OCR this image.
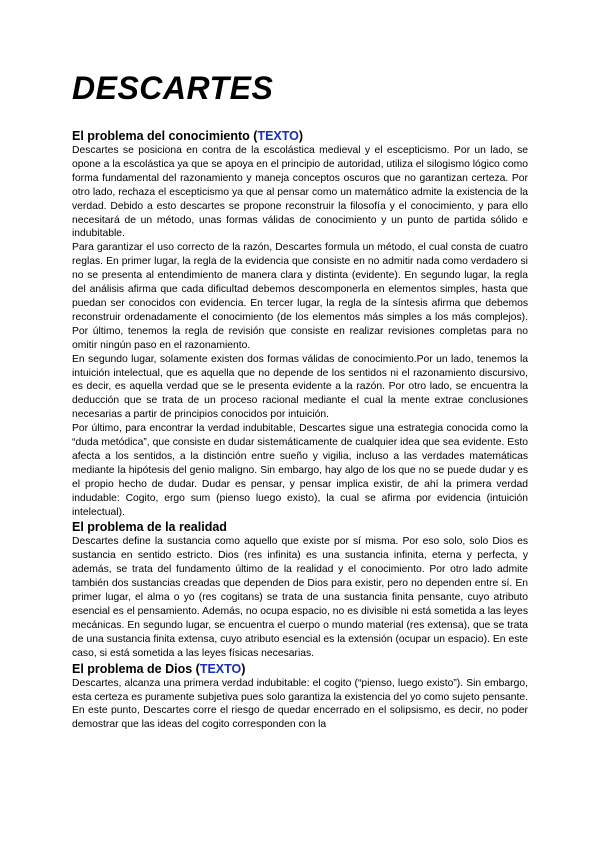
DESCARTES
El problema del conocimiento (TEXTO)

Descartes se posiciona en contra de la escolástica medieval y el escepticismo. Por un lado, se opone a la escolástica ya que se apoya en el principio de autoridad, utiliza el silogismo lógico como forma fundamental del razonamiento y maneja conceptos oscuros que no garantizan certeza. Por otro lado, rechaza el escepticismo ya que al pensar como un matemático admite la existencia de la verdad. Debido a esto descartes se propone reconstruir la filosofía y el conocimiento, y para ello necesitará de un método, unas formas válidas de conocimiento y un punto de partida sólido e indubitable.

Para garantizar el uso correcto de la razón, Descartes formula un método, el cual consta de cuatro reglas. En primer lugar, la regla de la evidencia que consiste en no admitir nada como verdadero si no se presenta al entendimiento de manera clara y distinta (evidente). En segundo lugar, la regla del análisis afirma que cada dificultad debemos descomponerla en elementos simples, hasta que puedan ser conocidos con evidencia. En tercer lugar, la regla de la síntesis afirma que debemos reconstruir ordenadamente el conocimiento (de los elementos más simples a los más complejos). Por último, tenemos la regla de revisión que consiste en realizar revisiones completas para no omitir ningún paso en el razonamiento.

En segundo lugar, solamente existen dos formas válidas de conocimiento.Por un lado, tenemos la intuición intelectual, que es aquella que no depende de los sentidos ni el razonamiento discursivo, es decir, es aquella verdad que se le presenta evidente a la razón. Por otro lado, se encuentra la deducción que se trata de un proceso racional mediante el cual la mente extrae conclusiones necesarias a partir de principios conocidos por intuición.

Por último, para encontrar la verdad indubitable, Descartes sigue una estrategia conocida como la “duda metódica”, que consiste en dudar sistemáticamente de cualquier idea que sea evidente. Esto afecta a los sentidos, a la distinción entre sueño y vigilia, incluso a las verdades matemáticas mediante la hipótesis del genio maligno. Sin embargo, hay algo de los que no se puede dudar y es el propio hecho de dudar. Dudar es pensar, y pensar implica existir, de ahí la primera verdad indudable: Cogito, ergo sum (pienso luego existo), la cual se afirma por evidencia (intuición intelectual).

El problema de la realidad

Descartes define la sustancia como aquello que existe por sí misma. Por eso solo, solo Dios es sustancia en sentido estricto. Dios (res infinita) es una sustancia infinita, eterna y perfecta, y además, se trata del fundamento último de la realidad y el conocimiento. Por otro lado admite también dos sustancias creadas que dependen de Dios para existir, pero no dependen entre sí. En primer lugar, el alma o yo (res cogitans) se trata de una sustancia finita pensante, cuyo atributo esencial es el pensamiento. Además, no ocupa espacio, no es divisible ni está sometida a las leyes mecánicas. En segundo lugar, se encuentra el cuerpo o mundo material (res extensa), que se trata de una sustancia finita extensa, cuyo atributo esencial es la extensión (ocupar un espacio). En este caso, si está sometida a las leyes físicas necesarias.

El problema de Dios (TEXTO)

Descartes, alcanza una primera verdad indubitable: el cogito (“pienso, luego existo”). Sin embargo, esta certeza es puramente subjetiva pues solo garantiza la existencia del yo como sujeto pensante. En este punto, Descartes corre el riesgo de quedar encerrado en el solipsismo, es decir, no poder demostrar que las ideas del cogito corresponden con la
